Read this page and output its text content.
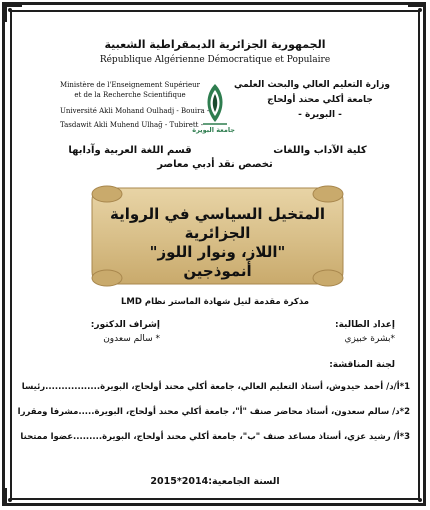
الجمهورية الجزائرية الديمقراطية الشعبية
République Algérienne Démocratique et Populaire
Ministère de l'Enseignement Supérieur
et de la Recherche Scientifique
Université Akli Mohand Oulhadj - Bouira -
Tasdawit Akli Muhend Ulhağ - Tubirett -
قسم اللغة العربية وآدابها
وزارة التعليم العالي والبحث العلمي
جامعة أكلي محند أولحاج
- البويرة -
كلية الآداب واللغات
جامعة البويرة
تخصص نقد أدبي معاصر
المتخيل السياسي في الرواية الجزائرية
"اللاز، ونوار اللوز"
أنموذجين
مذكرة مقدمة لنيل شهادة الماستر نظام LMD
إعداد الطالبة:
*بشرة خبيزي
إشراف الدكتور:
* سالم سعدون
لجنة المناقشة:
1*أ/د/ أحمد حيدوش، أستاذ التعليم العالي، جامعة أكلي محند أولحاج، البويرة.................رئيسا
2*د/ سالم سعدون، أستاذ محاضر صنف "أ"، جامعة أكلي محند أولحاج، البويرة.....مشرفا ومقررا
3*أ/ رشيد عزي، أستاذ مساعد صنف "ب"، جامعة أكلي محند أولحاج، البويرة.........عضوا ممتحنا
السنة الجامعية:2014*2015
